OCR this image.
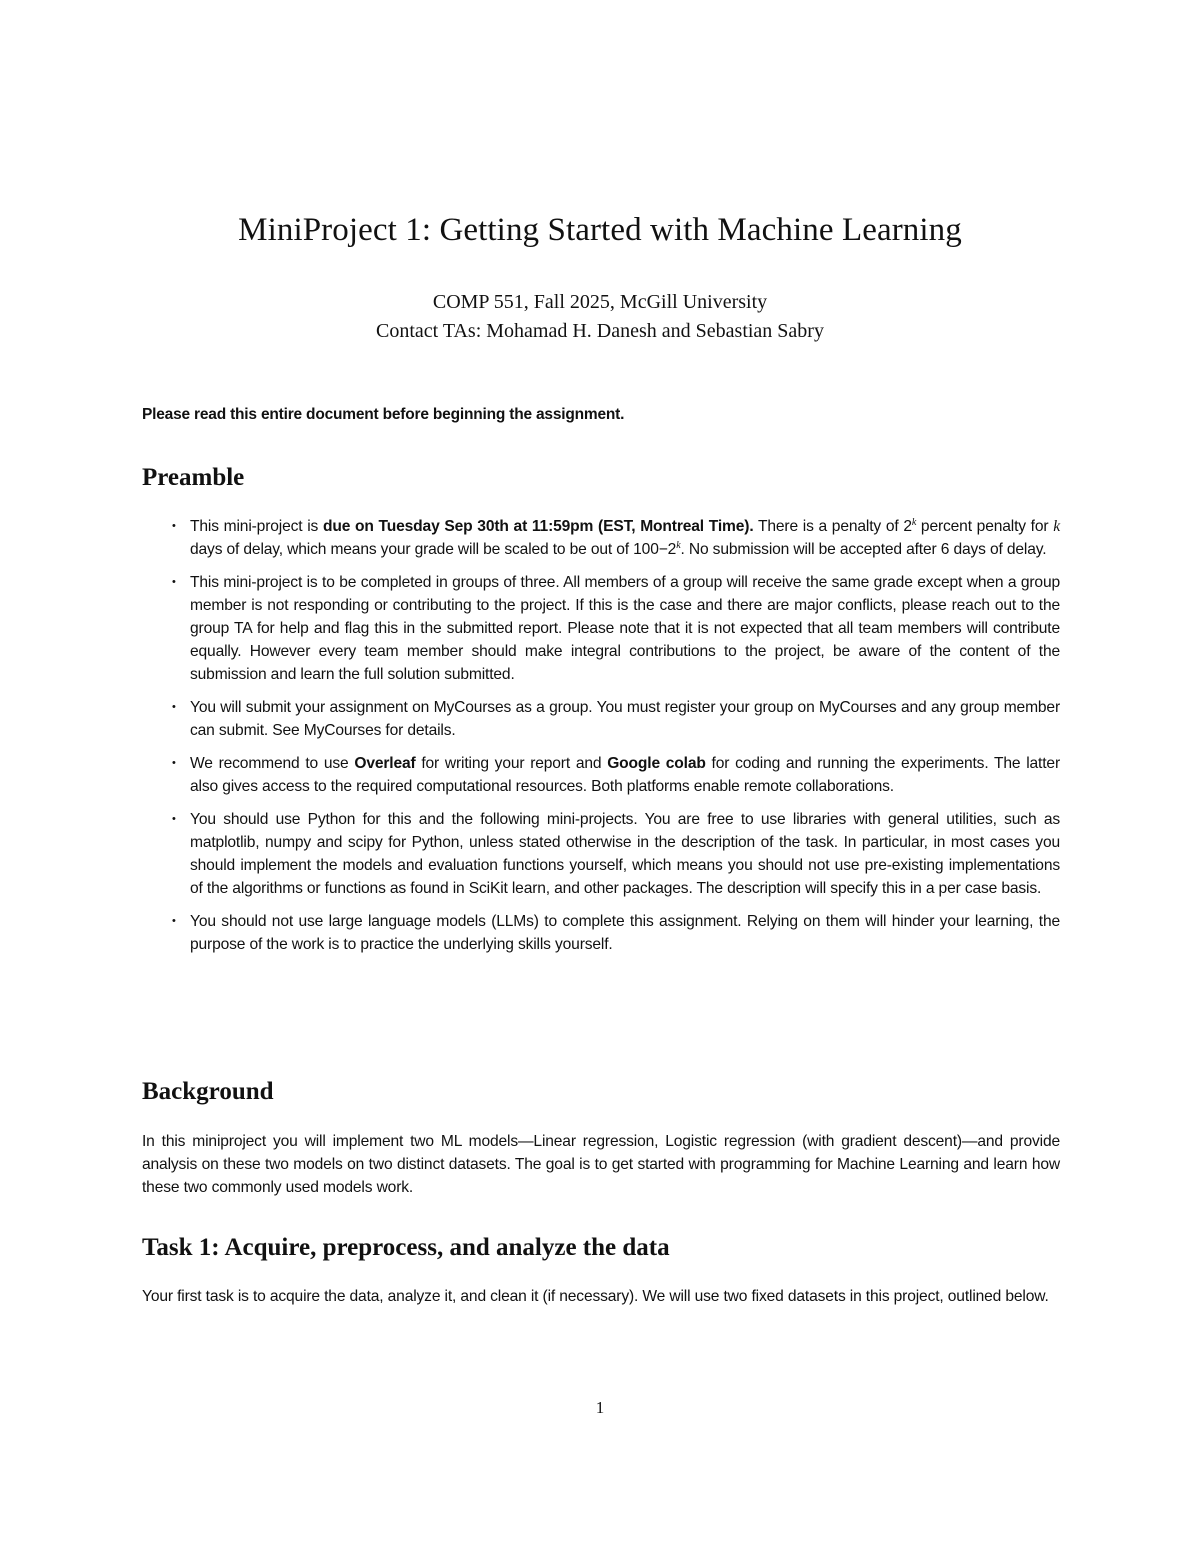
MiniProject 1: Getting Started with Machine Learning

COMP 551, Fall 2025, McGill University

Contact TAs: Mohamad H. Danesh and Sebastian Sabry

Please read this entire document before beginning the assignment.

Preamble
• This mini-project is due on Tuesday Sep 30th at 11:59pm (EST, Montreal Time). There is a penalty of 2$^k$ percent penalty for k days of delay, which means your grade will be scaled to be out of $100-2^k$. No submission will be accepted after 6 days of delay.
• This mini-project is to be completed in groups of three. All members of a group will receive the same grade except when a group member is not responding or contributing to the project. If this is the case and there are major conflicts, please reach out to the group TA for help and flag this in the submitted report. Please note that it is not expected that all team members will contribute equally. However every team member should make integral contributions to the project, be aware of the content of the submission and learn the full solution submitted.
• You will submit your assignment on MyCourses as a group. You must register your group on MyCourses and any group member can submit. See MyCourses for details.
• We recommend to use Overleaf for writing your report and Google colab for coding and running the experiments. The latter also gives access to the required computational resources. Both platforms enable remote collaborations.
• You should use Python for this and the following mini-projects. You are free to use libraries with general utilities, such as matplotlib, numpy and scipy for Python, unless stated otherwise in the description of the task. In particular, in most cases you should implement the models and evaluation functions yourself, which means you should not use pre-existing implementations of the algorithms or functions as found in SciKit learn, and other packages. The description will specify this in a per case basis.
• You should not use large language models (LLMs) to complete this assignment. Relying on them will hinder your learning, the purpose of the work is to practice the underlying skills yourself.
Background

In this miniproject you will implement two ML models—Linear regression, Logistic regression (with gradient descent)—and provide analysis on these two models on two distinct datasets. The goal is to get started with programming for Machine Learning and learn how these two commonly used models work.

Task 1: Acquire, preprocess, and analyze the data

Your first task is to acquire the data, analyze it, and clean it (if necessary). We will use two fixed datasets in this project, outlined below.

1
